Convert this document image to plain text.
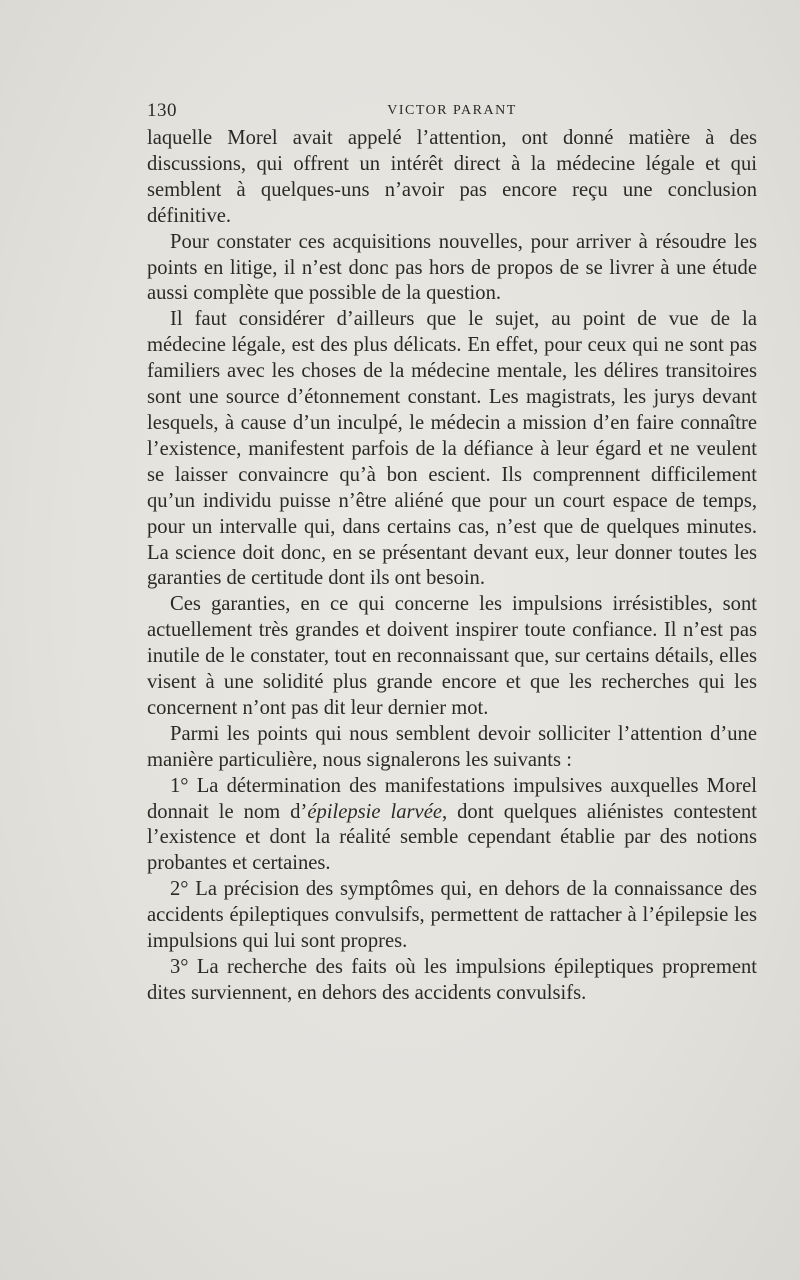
130	VICTOR PARANT

laquelle Morel avait appelé l’attention, ont donné matière à des discussions, qui offrent un intérêt direct à la médecine légale et qui semblent à quelques-uns n’avoir pas encore reçu une conclusion définitive.

Pour constater ces acquisitions nouvelles, pour arriver à résoudre les points en litige, il n’est donc pas hors de propos de se livrer à une étude aussi complète que possible de la question.

Il faut considérer d’ailleurs que le sujet, au point de vue de la médecine légale, est des plus délicats. En effet, pour ceux qui ne sont pas familiers avec les choses de la médecine mentale, les délires transitoires sont une source d’étonnement constant. Les magistrats, les jurys devant lesquels, à cause d’un inculpé, le médecin a mission d’en faire connaître l’existence, manifestent parfois de la défiance à leur égard et ne veulent se laisser convaincre qu’à bon escient. Ils comprennent difficilement qu’un individu puisse n’être aliéné que pour un court espace de temps, pour un intervalle qui, dans certains cas, n’est que de quelques minutes. La science doit donc, en se présentant devant eux, leur donner toutes les garanties de certitude dont ils ont besoin.

Ces garanties, en ce qui concerne les impulsions irrésistibles, sont actuellement très grandes et doivent inspirer toute confiance. Il n’est pas inutile de le constater, tout en reconnaissant que, sur certains détails, elles visent à une solidité plus grande encore et que les recherches qui les concernent n’ont pas dit leur dernier mot.

Parmi les points qui nous semblent devoir solliciter l’attention d’une manière particulière, nous signalerons les suivants :

1° La détermination des manifestations impulsives auxquelles Morel donnait le nom d’épilepsie larvée, dont quelques aliénistes contestent l’existence et dont la réalité semble cependant établie par des notions probantes et certaines.

2° La précision des symptômes qui, en dehors de la connaissance des accidents épileptiques convulsifs, permettent de rattacher à l’épilepsie les impulsions qui lui sont propres.

3° La recherche des faits où les impulsions épileptiques proprement dites surviennent, en dehors des accidents convulsifs.
